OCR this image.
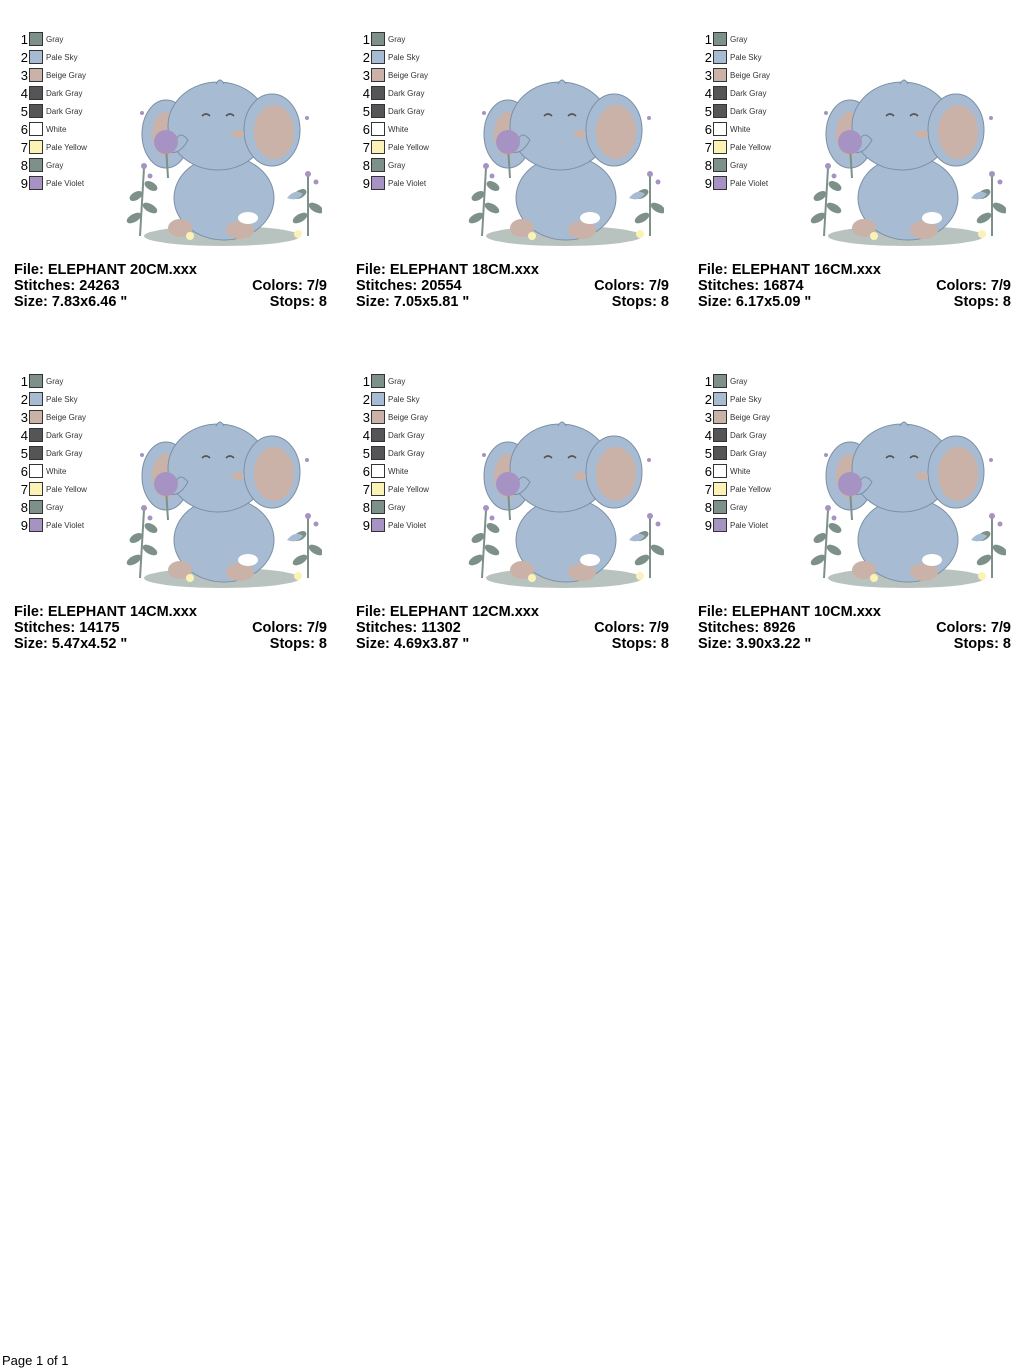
1 Gray
2 Pale Sky
3 Beige Gray
4 Dark Gray
5 Dark Gray
6 White
7 Pale Yellow
8 Gray
9 Pale Violet
File: ELEPHANT 20CM.xxx
Stitches: 24263	Colors: 7/9
Size: 7.83x6.46 "	Stops: 8
1 Gray
2 Pale Sky
3 Beige Gray
4 Dark Gray
5 Dark Gray
6 White
7 Pale Yellow
8 Gray
9 Pale Violet
File: ELEPHANT 18CM.xxx
Stitches: 20554	Colors: 7/9
Size: 7.05x5.81 "	Stops: 8
1 Gray
2 Pale Sky
3 Beige Gray
4 Dark Gray
5 Dark Gray
6 White
7 Pale Yellow
8 Gray
9 Pale Violet
File: ELEPHANT 16CM.xxx
Stitches: 16874	Colors: 7/9
Size: 6.17x5.09 "	Stops: 8
1 Gray
2 Pale Sky
3 Beige Gray
4 Dark Gray
5 Dark Gray
6 White
7 Pale Yellow
8 Gray
9 Pale Violet
File: ELEPHANT 14CM.xxx
Stitches: 14175	Colors: 7/9
Size: 5.47x4.52 "	Stops: 8
1 Gray
2 Pale Sky
3 Beige Gray
4 Dark Gray
5 Dark Gray
6 White
7 Pale Yellow
8 Gray
9 Pale Violet
File: ELEPHANT 12CM.xxx
Stitches: 11302	Colors: 7/9
Size: 4.69x3.87 "	Stops: 8
1 Gray
2 Pale Sky
3 Beige Gray
4 Dark Gray
5 Dark Gray
6 White
7 Pale Yellow
8 Gray
9 Pale Violet
File: ELEPHANT 10CM.xxx
Stitches: 8926	Colors: 7/9
Size: 3.90x3.22 "	Stops: 8
Page 1 of 1
